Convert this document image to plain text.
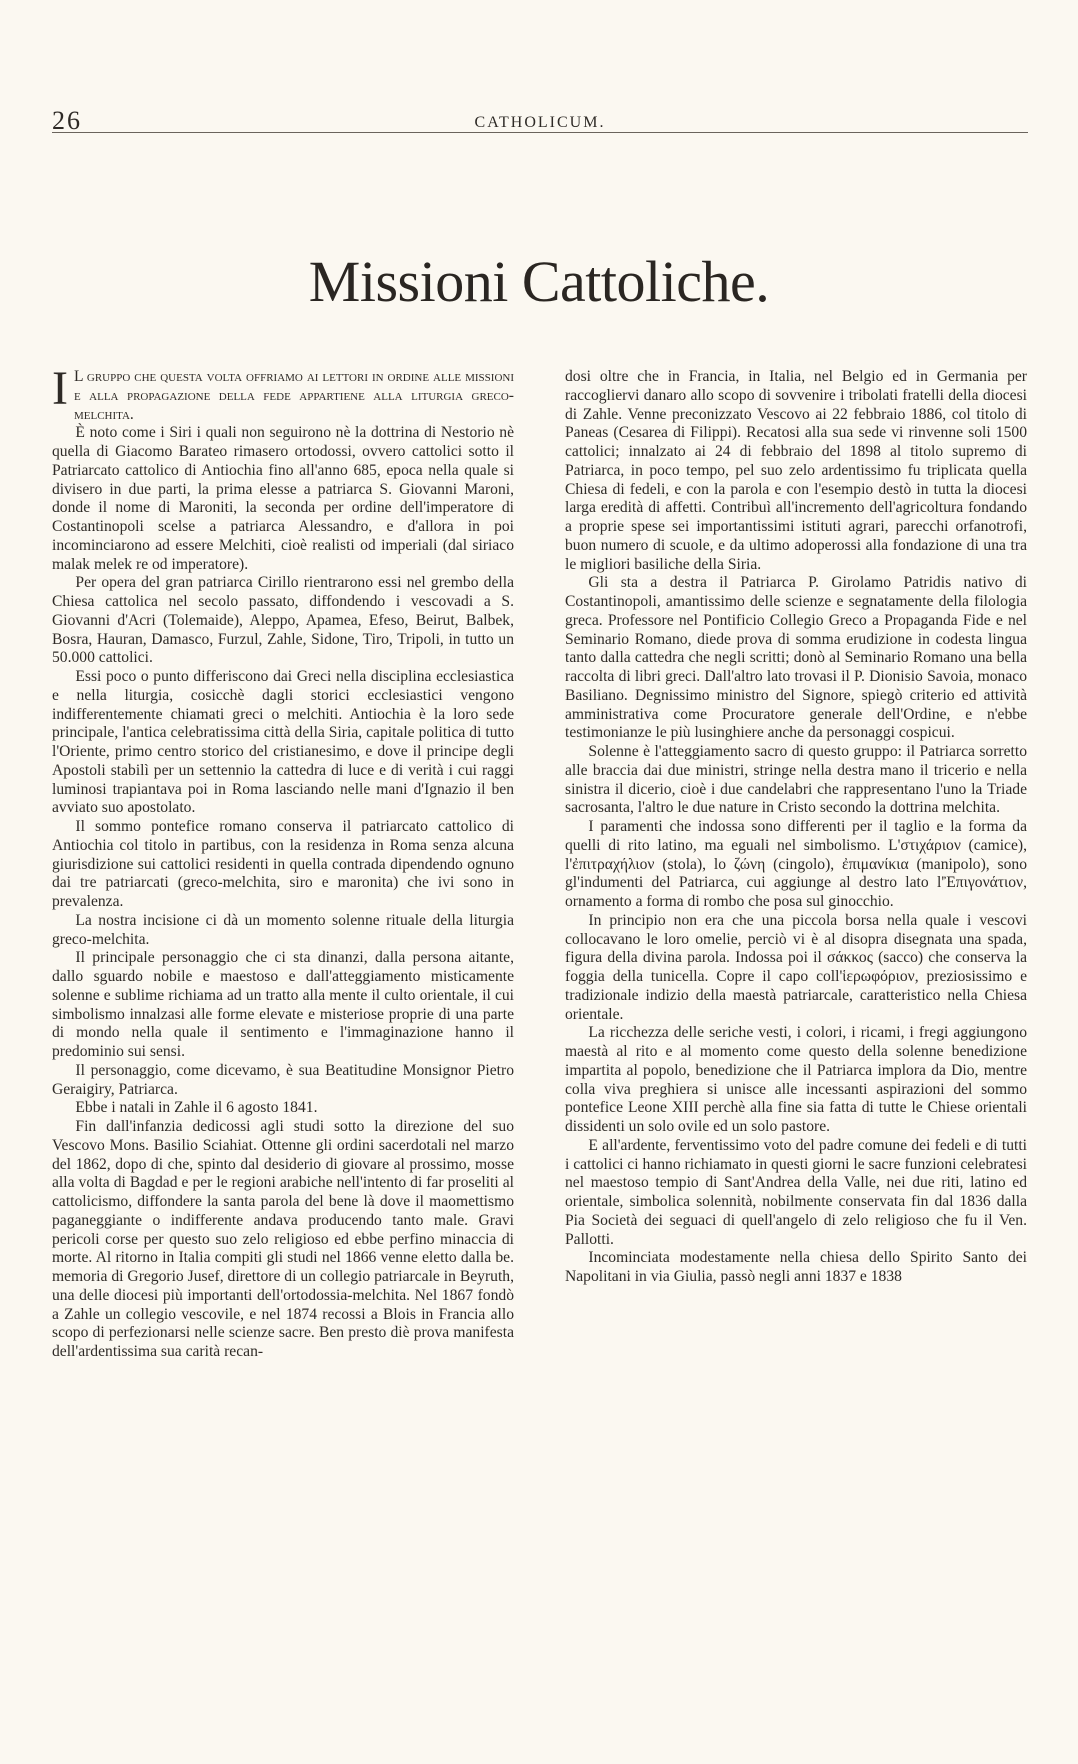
26	CATHOLICUM.
Missioni Cattoliche.

I L gruppo che questa volta offriamo ai lettori in ordine alle missioni e alla propagazione della fede appartiene alla liturgia greco-melchita.

È noto come i Siri i quali non seguirono nè la dottrina di Nestorio nè quella di Giacomo Barateo rimasero ortodossi, ovvero cattolici sotto il Patriarcato cattolico di Antiochia fino all'anno 685, epoca nella quale si divisero in due parti, la prima elesse a patriarca S. Giovanni Maroni, donde il nome di Maroniti, la seconda per ordine dell'imperatore di Costantinopoli scelse a patriarca Alessandro, e d'allora in poi incominciarono ad essere Melchiti, cioè realisti od imperiali (dal siriaco malak melek re od imperatore).

Per opera del gran patriarca Cirillo rientrarono essi nel grembo della Chiesa cattolica nel secolo passato, diffondendo i vescovadi a S. Giovanni d'Acri (Tolemaide), Aleppo, Apamea, Efeso, Beirut, Balbek, Bosra, Hauran, Damasco, Furzul, Zahle, Sidone, Tiro, Tripoli, in tutto un 50.000 cattolici.

Essi poco o punto differiscono dai Greci nella disciplina ecclesiastica e nella liturgia, cosicchè dagli storici ecclesiastici vengono indifferentemente chiamati greci o melchiti. Antiochia è la loro sede principale, l'antica celebratissima città della Siria, capitale politica di tutto l'Oriente, primo centro storico del cristianesimo, e dove il principe degli Apostoli stabilì per un settennio la cattedra di luce e di verità i cui raggi luminosi trapiantava poi in Roma lasciando nelle mani d'Ignazio il ben avviato suo apostolato.

Il sommo pontefice romano conserva il patriarcato cattolico di Antiochia col titolo in partibus, con la residenza in Roma senza alcuna giurisdizione sui cattolici residenti in quella contrada dipendendo ognuno dai tre patriarcati (greco-melchita, siro e maronita) che ivi sono in prevalenza.

La nostra incisione ci dà un momento solenne rituale della liturgia greco-melchita.

Il principale personaggio che ci sta dinanzi, dalla persona aitante, dallo sguardo nobile e maestoso e dall'atteggiamento misticamente solenne e sublime richiama ad un tratto alla mente il culto orientale, il cui simbolismo innalzasi alle forme elevate e misteriose proprie di una parte di mondo nella quale il sentimento e l'immaginazione hanno il predominio sui sensi.

Il personaggio, come dicevamo, è sua Beatitudine Monsignor Pietro Geraigiry, Patriarca.

Ebbe i natali in Zahle il 6 agosto 1841.

Fin dall'infanzia dedicossi agli studi sotto la direzione del suo Vescovo Mons. Basilio Sciahiat. Ottenne gli ordini sacerdotali nel marzo del 1862, dopo di che, spinto dal desiderio di giovare al prossimo, mosse alla volta di Bagdad e per le regioni arabiche nell'intento di far proseliti al cattolicismo, diffondere la santa parola del bene là dove il maomettismo paganeggiante o indifferente andava producendo tanto male. Gravi pericoli corse per questo suo zelo religioso ed ebbe perfino minaccia di morte. Al ritorno in Italia compiti gli studi nel 1866 venne eletto dalla be. memoria di Gregorio Jusef, direttore di un collegio patriarcale in Beyruth, una delle diocesi più importanti dell'ortodossia-melchita. Nel 1867 fondò a Zahle un collegio vescovile, e nel 1874 recossi a Blois in Francia allo scopo di perfezionarsi nelle scienze sacre. Ben presto diè prova manifesta dell'ardentissima sua carità recan-

dosi oltre che in Francia, in Italia, nel Belgio ed in Germania per raccogliervi danaro allo scopo di sovvenire i tribolati fratelli della diocesi di Zahle. Venne preconizzato Vescovo ai 22 febbraio 1886, col titolo di Paneas (Cesarea di Filippi). Recatosi alla sua sede vi rinvenne soli 1500 cattolici; innalzato ai 24 di febbraio del 1898 al titolo supremo di Patriarca, in poco tempo, pel suo zelo ardentissimo fu triplicata quella Chiesa di fedeli, e con la parola e con l'esempio destò in tutta la diocesi larga eredità di affetti. Contribuì all'incremento dell'agricoltura fondando a proprie spese sei importantissimi istituti agrari, parecchi orfanotrofi, buon numero di scuole, e da ultimo adoperossi alla fondazione di una tra le migliori basiliche della Siria.

Gli sta a destra il Patriarca P. Girolamo Patridis nativo di Costantinopoli, amantissimo delle scienze e segnatamente della filologia greca. Professore nel Pontificio Collegio Greco a Propaganda Fide e nel Seminario Romano, diede prova di somma erudizione in codesta lingua tanto dalla cattedra che negli scritti; donò al Seminario Romano una bella raccolta di libri greci. Dall'altro lato trovasi il P. Dionisio Savoia, monaco Basiliano. Degnissimo ministro del Signore, spiegò criterio ed attività amministrativa come Procuratore generale dell'Ordine, e n'ebbe testimonianze le più lusinghiere anche da personaggi cospicui.

Solenne è l'atteggiamento sacro di questo gruppo: il Patriarca sorretto alle braccia dai due ministri, stringe nella destra mano il tricerio e nella sinistra il dicerio, cioè i due candelabri che rappresentano l'uno la Triade sacrosanta, l'altro le due nature in Cristo secondo la dottrina melchita.

I paramenti che indossa sono differenti per il taglio e la forma da quelli di rito latino, ma eguali nel simbolismo. L'στιχάριον (camice), l'ἐπιτραχήλιον (stola), lo ζώνη (cingolo), ἐπιμανίκια (manipolo), sono gl'indumenti del Patriarca, cui aggiunge al destro lato l'Ἐπιγονάτιον, ornamento a forma di rombo che posa sul ginocchio.

In principio non era che una piccola borsa nella quale i vescovi collocavano le loro omelie, perciò vi è al disopra disegnata una spada, figura della divina parola. Indossa poi il σάκκος (sacco) che conserva la foggia della tunicella. Copre il capo coll'ἱερωφόριον, preziosissimo e tradizionale indizio della maestà patriarcale, caratteristico nella Chiesa orientale.

La ricchezza delle seriche vesti, i colori, i ricami, i fregi aggiungono maestà al rito e al momento come questo della solenne benedizione impartita al popolo, benedizione che il Patriarca implora da Dio, mentre colla viva preghiera si unisce alle incessanti aspirazioni del sommo pontefice Leone XIII perchè alla fine sia fatta di tutte le Chiese orientali dissidenti un solo ovile ed un solo pastore.

E all'ardente, ferventissimo voto del padre comune dei fedeli e di tutti i cattolici ci hanno richiamato in questi giorni le sacre funzioni celebratesi nel maestoso tempio di Sant'Andrea della Valle, nei due riti, latino ed orientale, simbolica solennità, nobilmente conservata fin dal 1836 dalla Pia Società dei seguaci di quell'angelo di zelo religioso che fu il Ven. Pallotti.

Incominciata modestamente nella chiesa dello Spirito Santo dei Napolitani in via Giulia, passò negli anni 1837 e 1838
